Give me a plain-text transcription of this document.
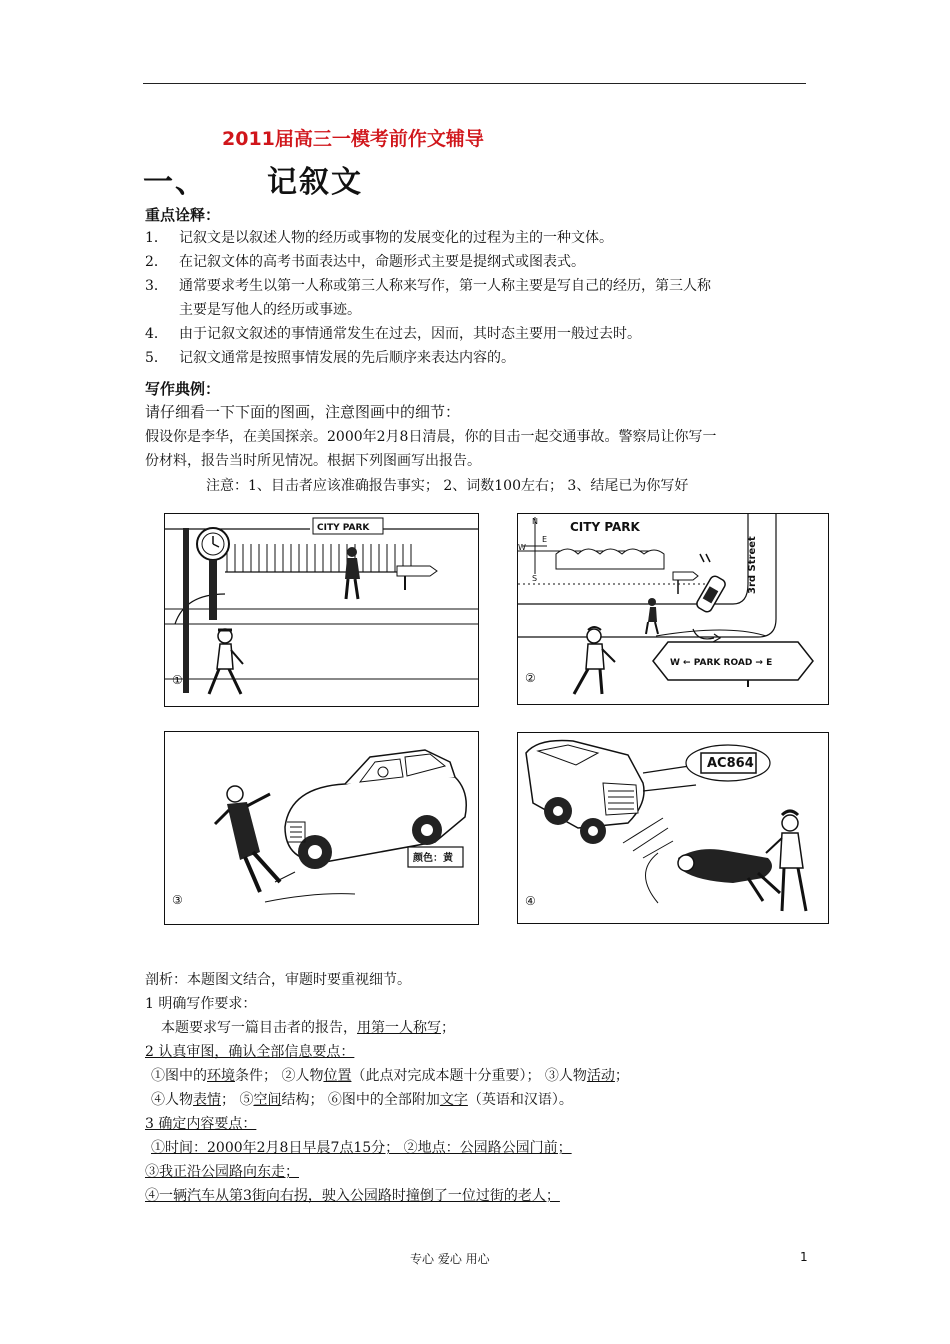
2011届高三一模考前作文辅导
一、 记叙文
重点诠释：
1． 记叙文是以叙述人物的经历或事物的发展变化的过程为主的一种文体。
2． 在记叙文体的高考书面表达中，命题形式主要是提纲式或图表式。
3． 通常要求考生以第一人称或第三人称来写作，第一人称主要是写自己的经历，第三人称
主要是写他人的经历或事迹。
4． 由于记叙文叙述的事情通常发生在过去，因而，其时态主要用一般过去时。
5． 记叙文通常是按照事情发展的先后顺序来表达内容的。
写作典例：
请仔细看一下下面的图画，注意图画中的细节：
假设你是李华，在美国探亲。2000年2月8日清晨，你的目击一起交通事故。警察局让你写一
份材料，报告当时所见情况。根据下列图画写出报告。
注意：1、目击者应该准确报告事实； 2、词数100左右； 3、结尾已为你写好
CITY PARK
①
N
S
W
E
CITY PARK
3rd Street
W ← PARK ROAD → E
②
颜色：黄
③
AC864
④
剖析：本题图文结合，审题时要重视细节。
1 明确写作要求：
本题要求写一篇目击者的报告，用第一人称写；
2 认真审图，确认全部信息要点：
①图中的环境条件； ②人物位置（此点对完成本题十分重要）； ③人物活动；
④人物表情； ⑤空间结构； ⑥图中的全部附加文字（英语和汉语）。
3 确定内容要点：
①时间：2000年2月8日早晨7点15分； ②地点：公园路公园门前；
③我正沿公园路向东走；
④一辆汽车从第3街向右拐，驶入公园路时撞倒了一位过街的老人；
专心 爱心 用心	1
